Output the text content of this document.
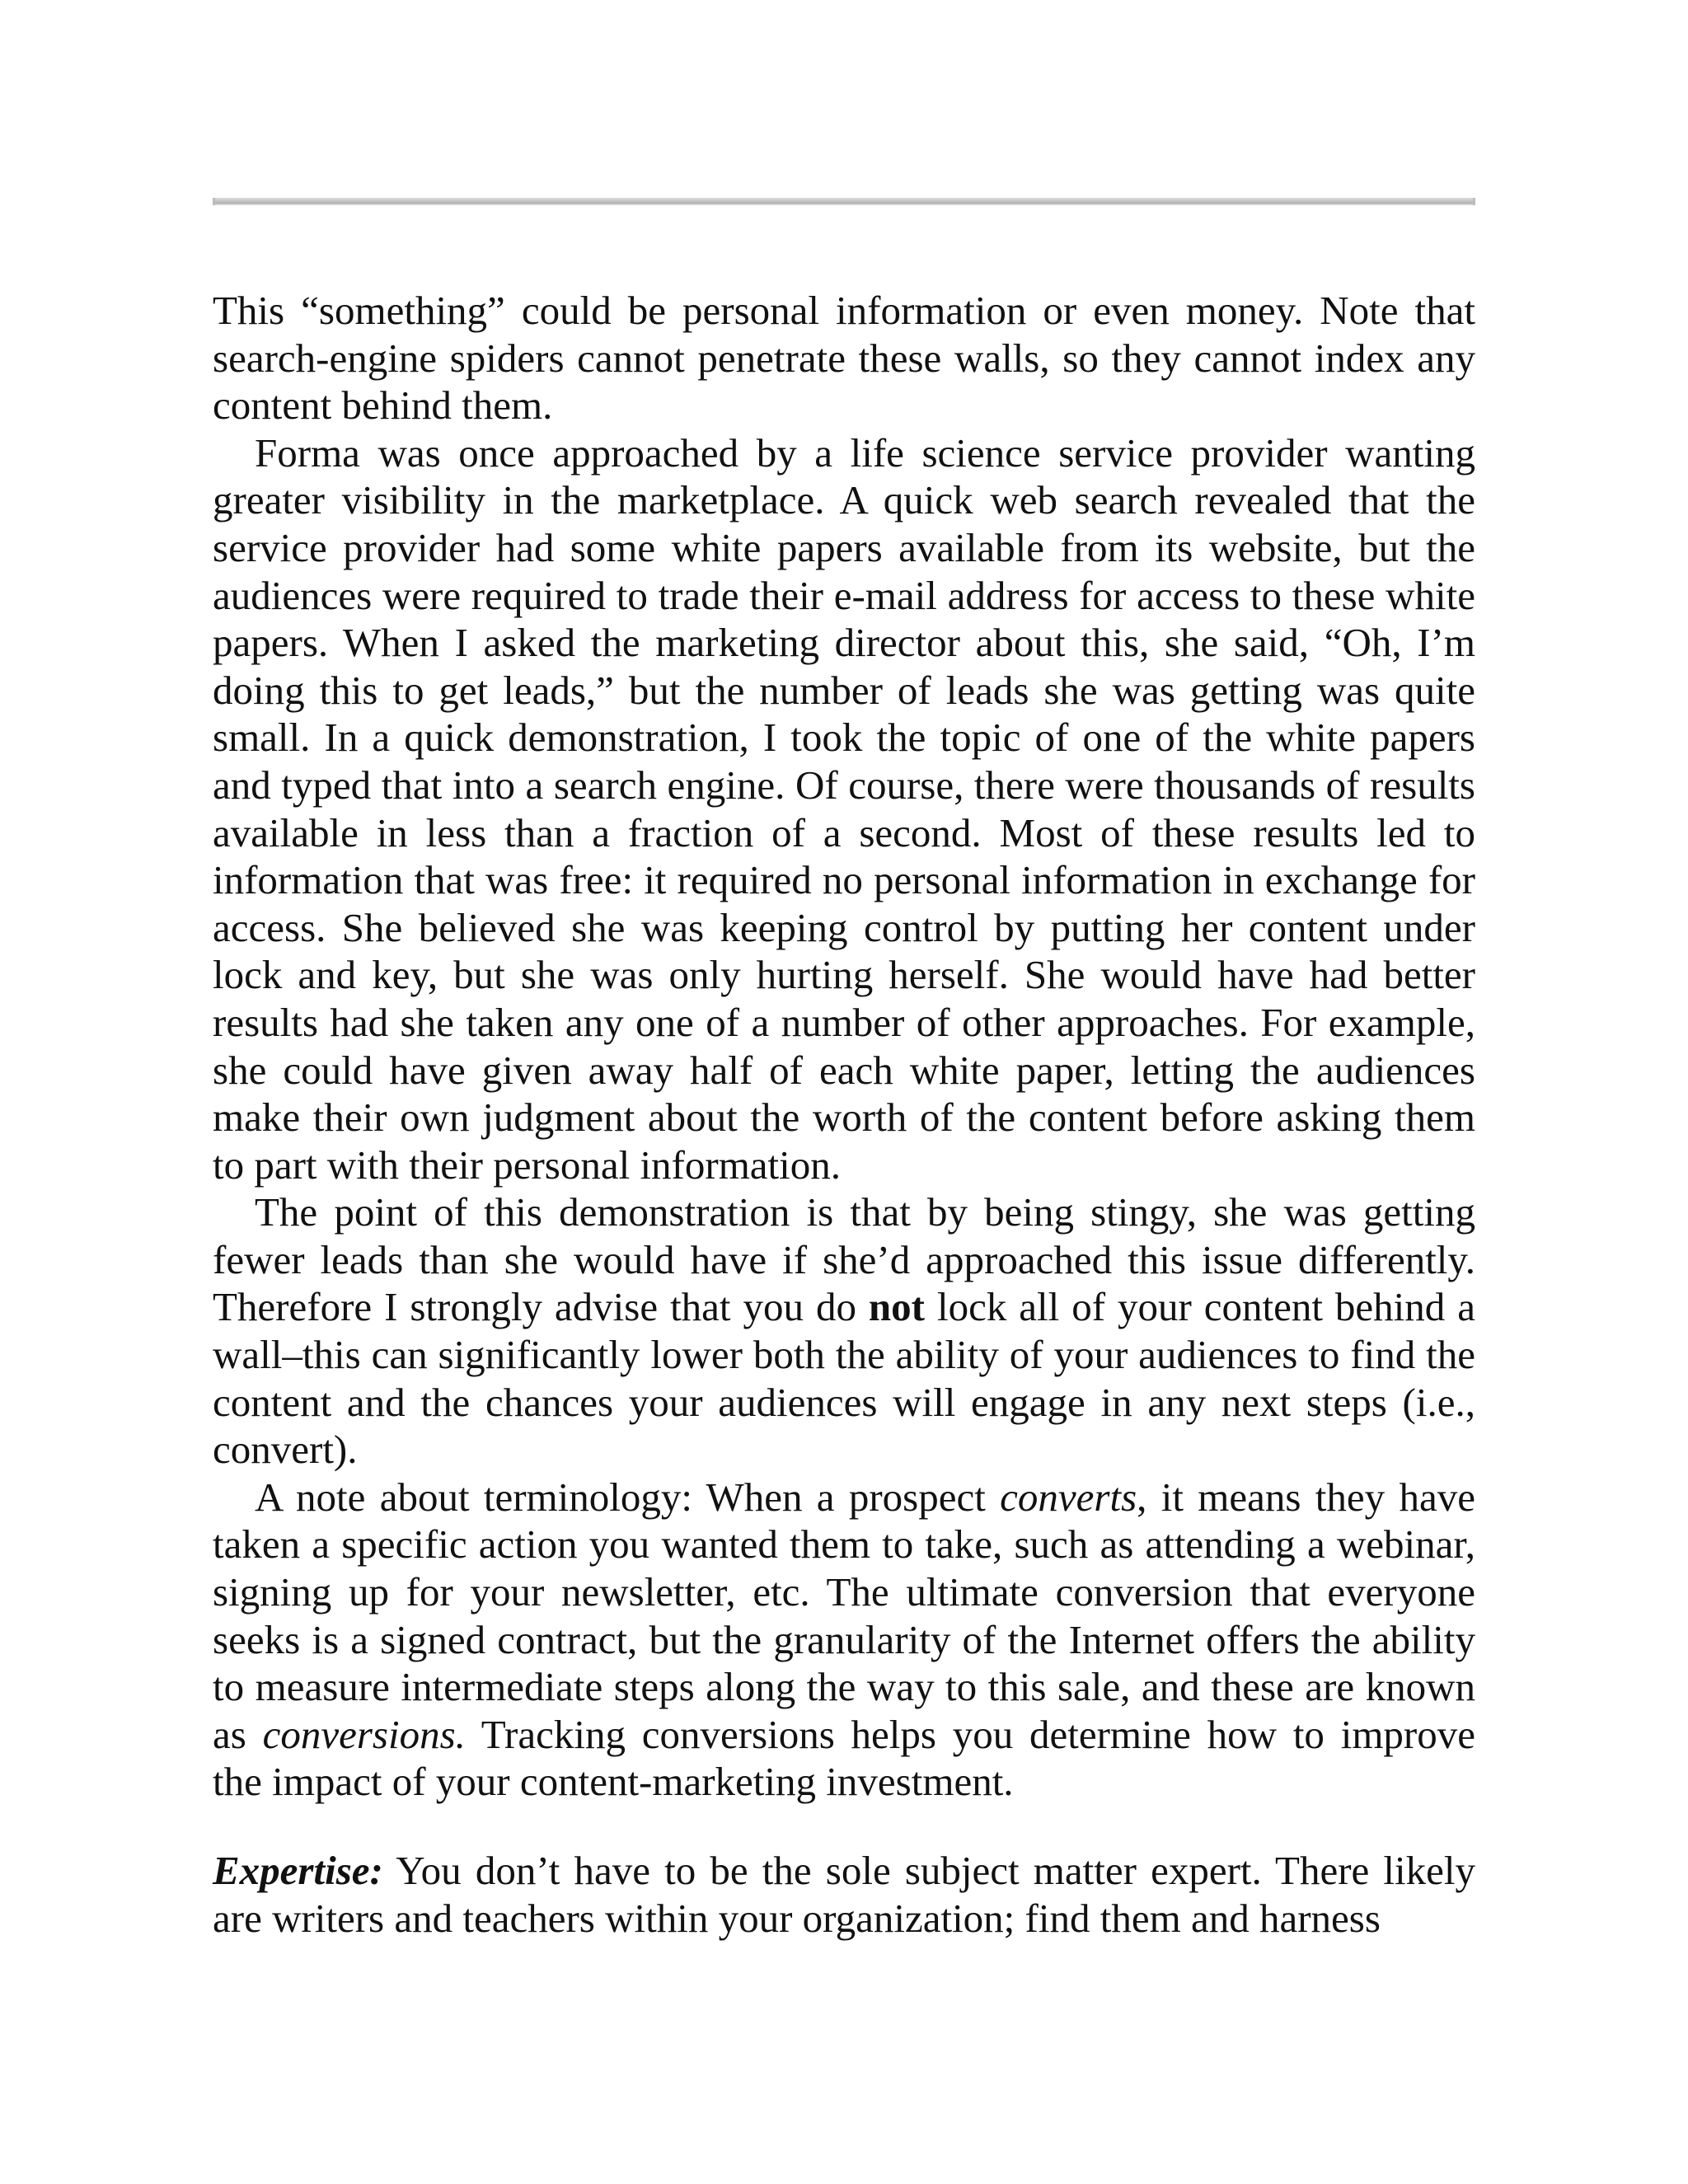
This “something” could be personal information or even money. Note that search-engine spiders cannot penetrate these walls, so they cannot index any content behind them.

Forma was once approached by a life science service provider wanting greater visibility in the marketplace. A quick web search revealed that the service provider had some white papers available from its website, but the audiences were required to trade their e-mail address for access to these white papers. When I asked the marketing director about this, she said, “Oh, I’m doing this to get leads,” but the number of leads she was getting was quite small. In a quick demonstration, I took the topic of one of the white papers and typed that into a search engine. Of course, there were thousands of results available in less than a fraction of a second. Most of these results led to information that was free: it required no personal information in exchange for access. She believed she was keeping control by putting her content under lock and key, but she was only hurting herself. She would have had better results had she taken any one of a number of other approaches. For example, she could have given away half of each white paper, letting the audiences make their own judgment about the worth of the content before asking them to part with their personal information.

The point of this demonstration is that by being stingy, she was getting fewer leads than she would have if she’d approached this issue differently. Therefore I strongly advise that you do not lock all of your content behind a wall–this can significantly lower both the ability of your audiences to find the content and the chances your audiences will engage in any next steps (i.e., convert).

A note about terminology: When a prospect converts, it means they have taken a specific action you wanted them to take, such as attending a webinar, signing up for your newsletter, etc. The ultimate conversion that everyone seeks is a signed contract, but the granularity of the Internet offers the ability to measure intermediate steps along the way to this sale, and these are known as conversions. Tracking conversions helps you determine how to improve the impact of your content-marketing investment.

Expertise: You don’t have to be the sole subject matter expert. There likely are writers and teachers within your organization; find them and harness
